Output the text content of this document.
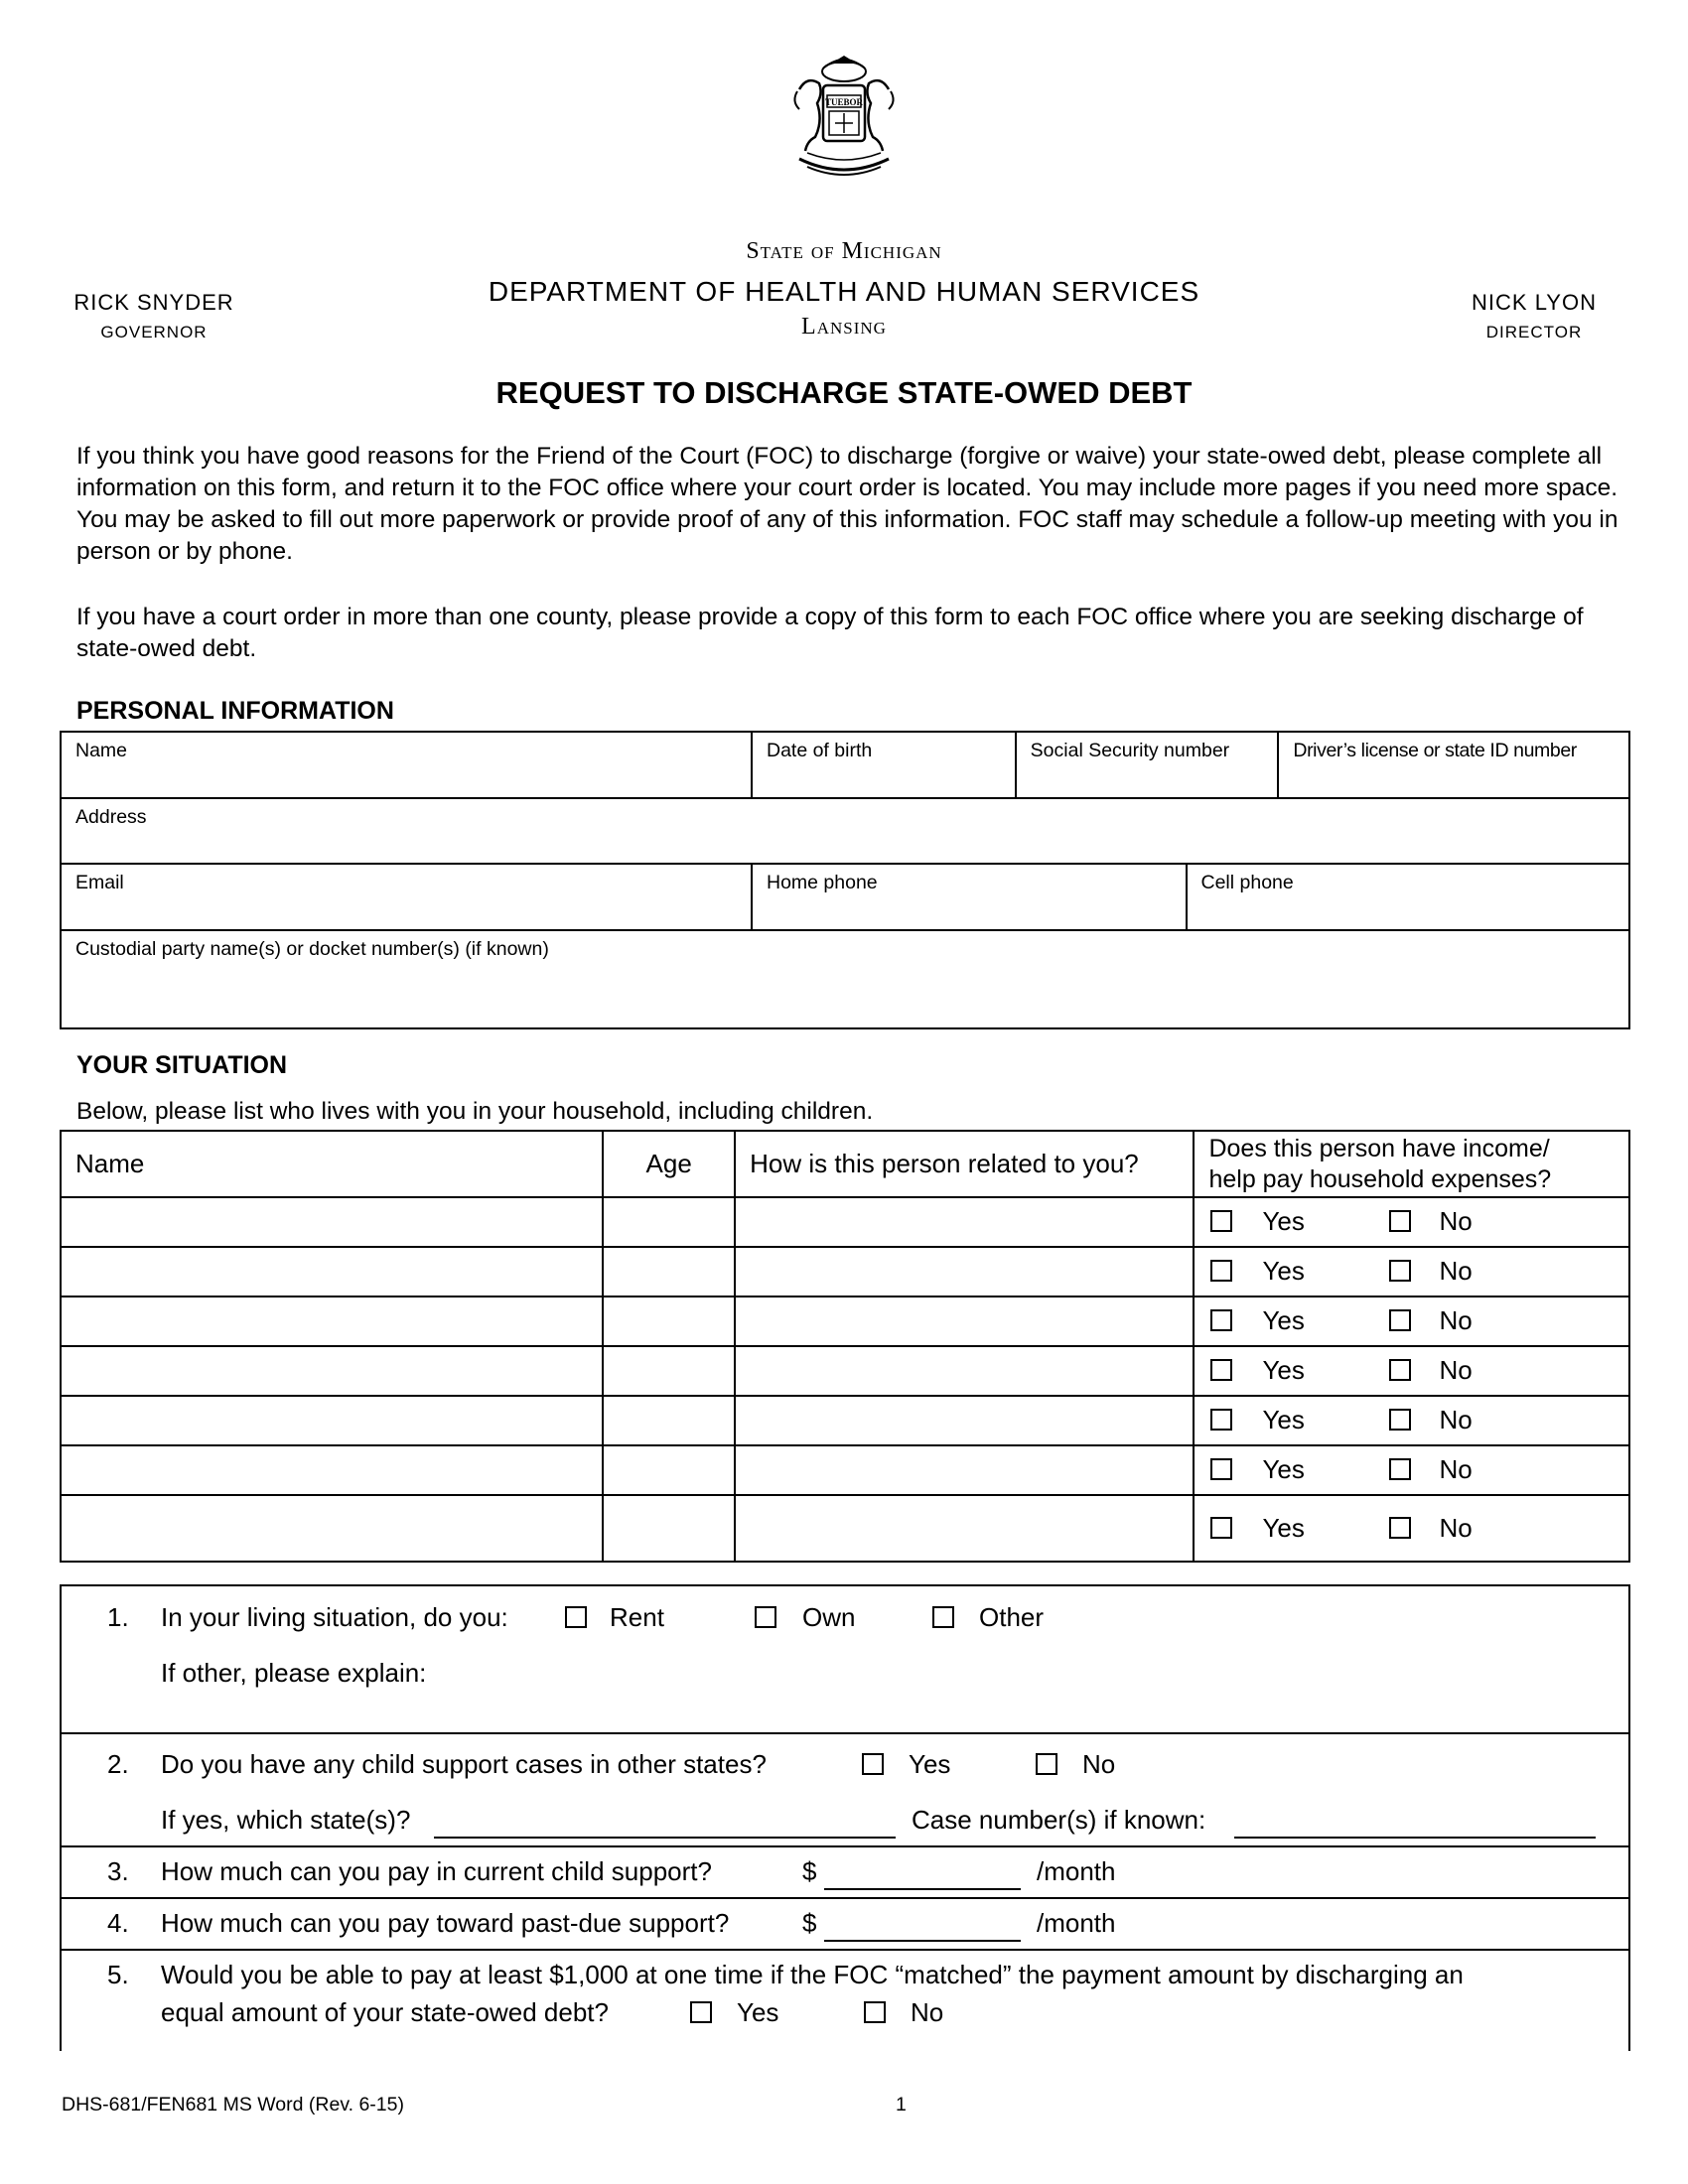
TUEBOR
State of Michigan
DEPARTMENT OF HEALTH AND HUMAN SERVICES
Lansing
RICK SNYDER
GOVERNOR
NICK LYON
DIRECTOR
REQUEST TO DISCHARGE STATE-OWED DEBT
If you think you have good reasons for the Friend of the Court (FOC) to discharge (forgive or waive) your state-owed debt, please complete all information on this form, and return it to the FOC office where your court order is located. You may include more pages if you need more space. You may be asked to fill out more paperwork or provide proof of any of this information. FOC staff may schedule a follow-up meeting with you in person or by phone.
If you have a court order in more than one county, please provide a copy of this form to each FOC office where you are seeking discharge of state-owed debt.
PERSONAL INFORMATION
Name	Date of birth	Social Security number		Driver’s license or state ID number
Address				
Email	Home phone		Cell phone	
Custodial party name(s) or docket number(s) (if known)				
YOUR SITUATION
Below, please list who lives with you in your household, including children.
Name	Age	How is this person related to you?	Does this person have income/
help pay household expenses?

			Yes No

			Yes No

			Yes No

			Yes No

			Yes No

			Yes No

			Yes No
1. In your living situation, do you:	Rent	Own	Other
If other, please explain:
2. Do you have any child support cases in other states?	Yes	No
If yes, which state(s)?	Case number(s) if known:
3. How much can you pay in current child support?	$	/month
4. How much can you pay toward past-due support?	$	/month
5. Would you be able to pay at least $1,000 at one time if the FOC “matched” the payment amount by discharging an
equal amount of your state-owed debt?	Yes	No
DHS-681/FEN681 MS Word (Rev. 6-15)	1
